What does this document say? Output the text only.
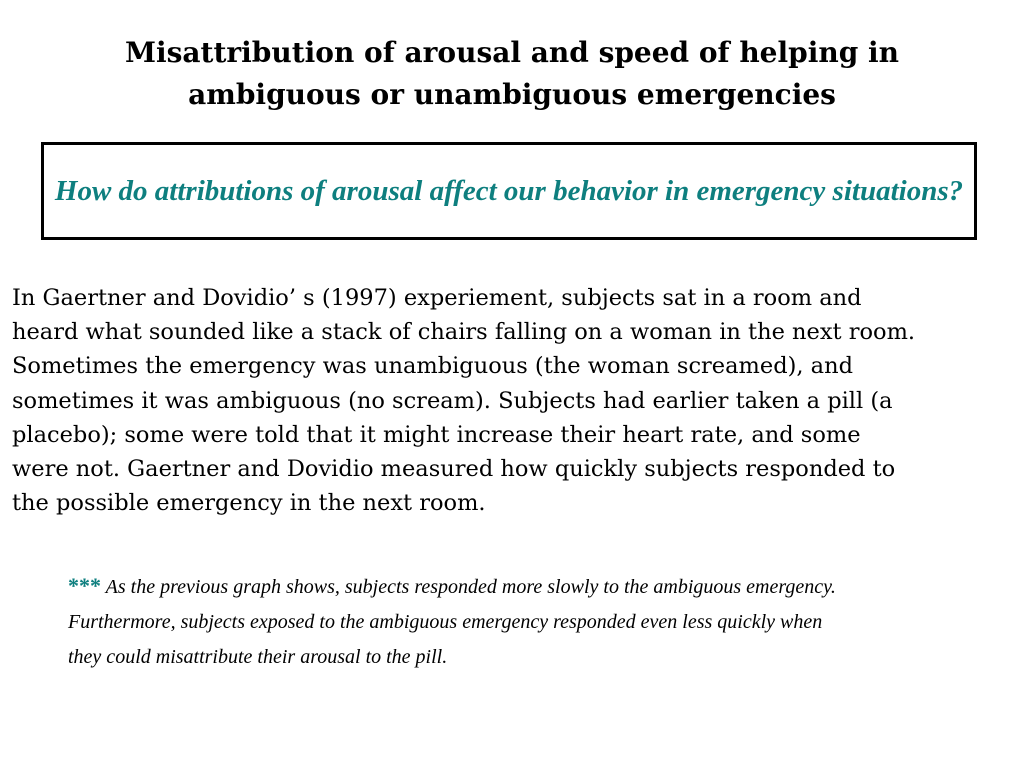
Misattribution of arousal and speed of helping in
ambiguous or unambiguous emergencies
How do attributions of arousal affect our behavior in emergency situations?

In Gaertner and Dovidio’ s (1997) experiement, subjects sat in a room and
heard what sounded like a stack of chairs falling on a woman in the next room.
Sometimes the emergency was unambiguous (the woman screamed), and
sometimes it was ambiguous (no scream). Subjects had earlier taken a pill (a
placebo); some were told that it might increase their heart rate, and some
were not. Gaertner and Dovidio measured how quickly subjects responded to
the possible emergency in the next room.

*** As the previous graph shows, subjects responded more slowly to the ambiguous emergency.
Furthermore, subjects exposed to the ambiguous emergency responded even less quickly when
they could misattribute their arousal to the pill.
